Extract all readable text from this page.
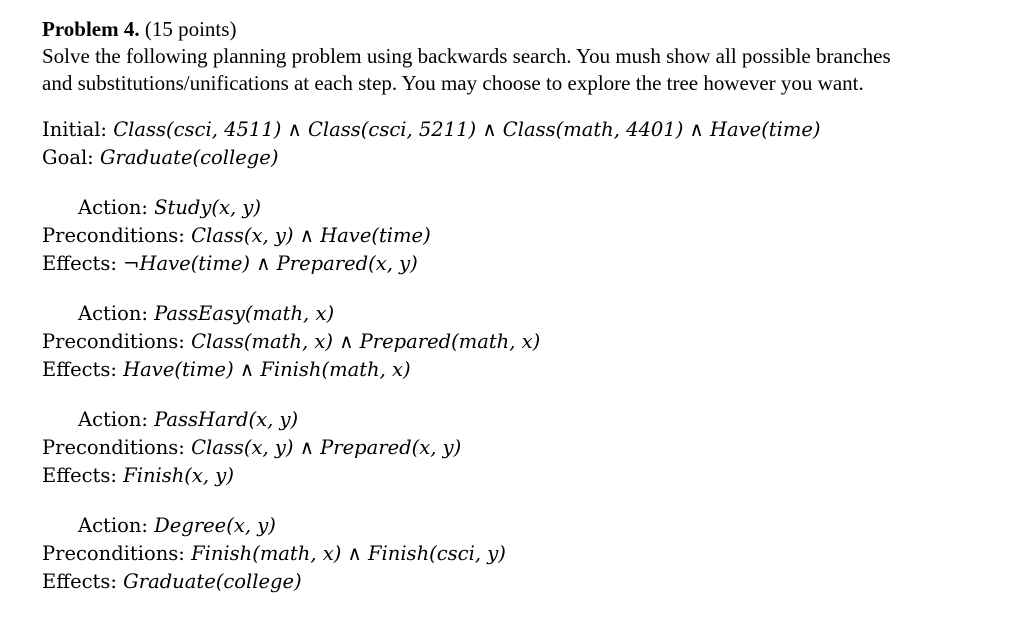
Problem 4. (15 points)
Solve the following planning problem using backwards search. You mush show all possible branches
and substitutions/unifications at each step. You may choose to explore the tree however you want.
Initial: Class(csci, 4511) ∧ Class(csci, 5211) ∧ Class(math, 4401) ∧ Have(time)
Goal: Graduate(college)
Action: Study(x, y)
Preconditions: Class(x, y) ∧ Have(time)
Effects: ¬Have(time) ∧ Prepared(x, y)
Action: PassEasy(math, x)
Preconditions: Class(math, x) ∧ Prepared(math, x)
Effects: Have(time) ∧ Finish(math, x)
Action: PassHard(x, y)
Preconditions: Class(x, y) ∧ Prepared(x, y)
Effects: Finish(x, y)
Action: Degree(x, y)
Preconditions: Finish(math, x) ∧ Finish(csci, y)
Effects: Graduate(college)
